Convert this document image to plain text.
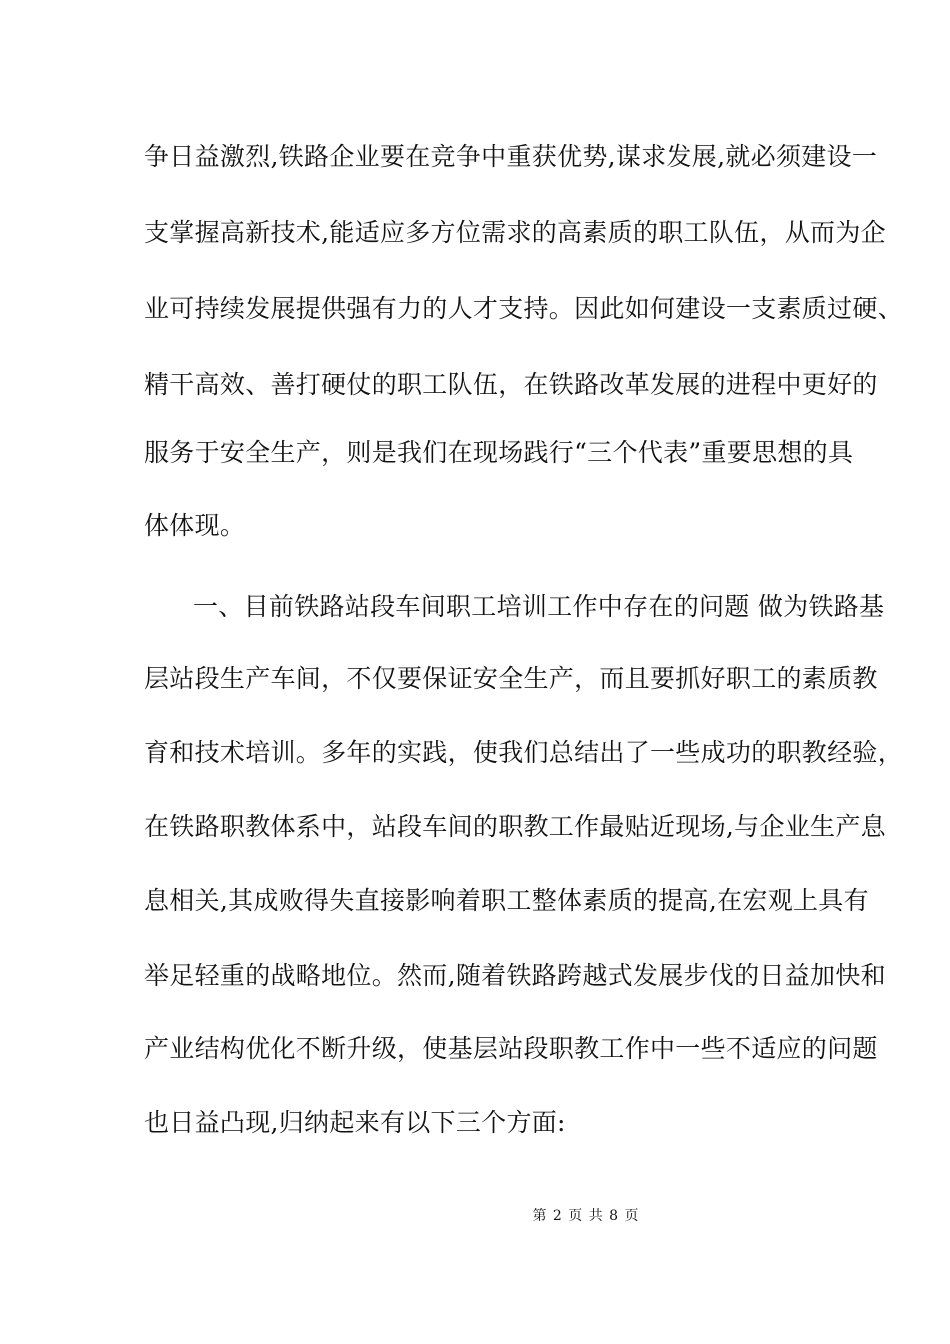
争日益激烈,铁路企业要在竞争中重获优势,谋求发展,就必须建设一
支掌握高新技术,能适应多方位需求的高素质的职工队伍，从而为企
业可持续发展提供强有力的人才支持。因此如何建设一支素质过硬、
精干高效、善打硬仗的职工队伍，在铁路改革发展的进程中更好的
服务于安全生产，则是我们在现场践行“三个代表”重要思想的具
体体现。
一、目前铁路站段车间职工培训工作中存在的问题 做为铁路基
层站段生产车间，不仅要保证安全生产，而且要抓好职工的素质教
育和技术培训。多年的实践，使我们总结出了一些成功的职教经验，
在铁路职教体系中，站段车间的职教工作最贴近现场,与企业生产息
息相关,其成败得失直接影响着职工整体素质的提高,在宏观上具有
举足轻重的战略地位。然而,随着铁路跨越式发展步伐的日益加快和
产业结构优化不断升级，使基层站段职教工作中一些不适应的问题
也日益凸现,归纳起来有以下三个方面:
第 2 页 共 8 页
